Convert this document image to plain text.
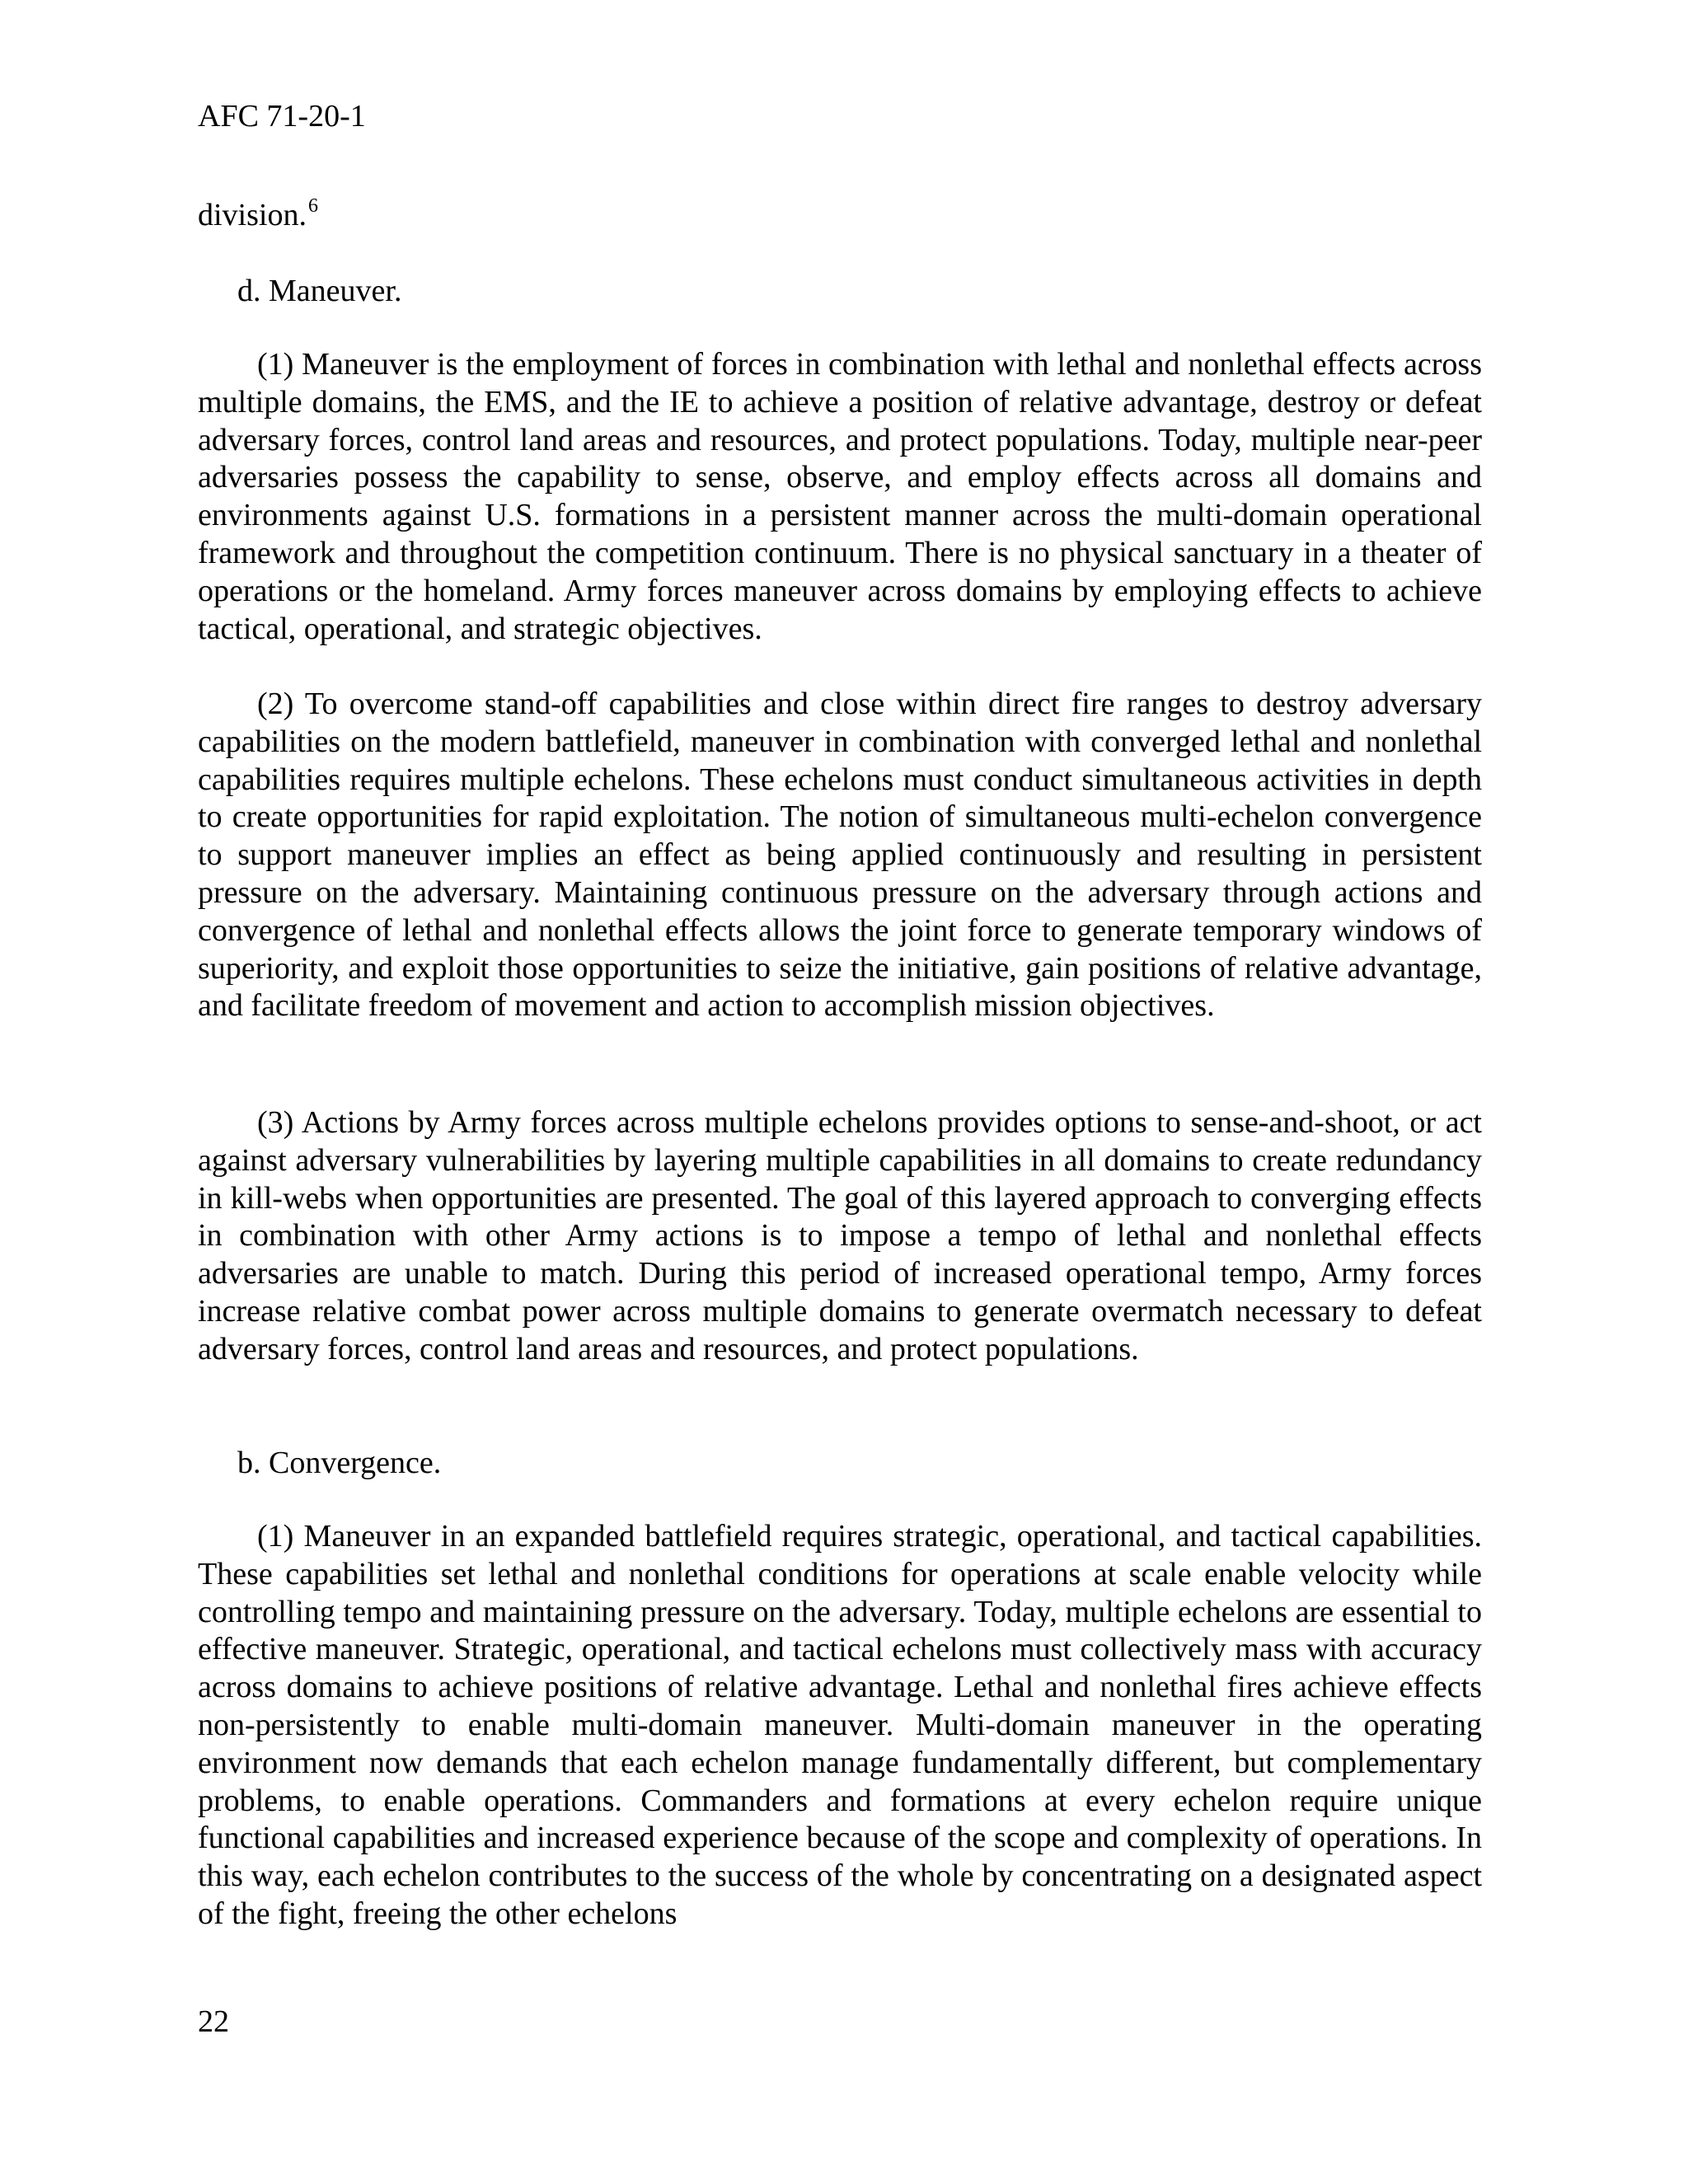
AFC 71-20-1
division.$^6$
d. Maneuver.
(1) Maneuver is the employment of forces in combination with lethal and nonlethal effects across multiple domains, the EMS, and the IE to achieve a position of relative advantage, destroy or defeat adversary forces, control land areas and resources, and protect populations. Today, multiple near-peer adversaries possess the capability to sense, observe, and employ effects across all domains and environments against U.S. formations in a persistent manner across the multi-domain operational framework and throughout the competition continuum. There is no physical sanctuary in a theater of operations or the homeland. Army forces maneuver across domains by employing effects to achieve tactical, operational, and strategic objectives.
(2) To overcome stand-off capabilities and close within direct fire ranges to destroy adversary capabilities on the modern battlefield, maneuver in combination with converged lethal and nonlethal capabilities requires multiple echelons. These echelons must conduct simultaneous activities in depth to create opportunities for rapid exploitation. The notion of simultaneous multi-echelon convergence to support maneuver implies an effect as being applied continuously and resulting in persistent pressure on the adversary. Maintaining continuous pressure on the adversary through actions and convergence of lethal and nonlethal effects allows the joint force to generate temporary windows of superiority, and exploit those opportunities to seize the initiative, gain positions of relative advantage, and facilitate freedom of movement and action to accomplish mission objectives.
(3) Actions by Army forces across multiple echelons provides options to sense-and-shoot, or act against adversary vulnerabilities by layering multiple capabilities in all domains to create redundancy in kill-webs when opportunities are presented. The goal of this layered approach to converging effects in combination with other Army actions is to impose a tempo of lethal and nonlethal effects adversaries are unable to match. During this period of increased operational tempo, Army forces increase relative combat power across multiple domains to generate overmatch necessary to defeat adversary forces, control land areas and resources, and protect populations.
b. Convergence.
(1) Maneuver in an expanded battlefield requires strategic, operational, and tactical capabilities. These capabilities set lethal and nonlethal conditions for operations at scale enable velocity while controlling tempo and maintaining pressure on the adversary. Today, multiple echelons are essential to effective maneuver. Strategic, operational, and tactical echelons must collectively mass with accuracy across domains to achieve positions of relative advantage. Lethal and nonlethal fires achieve effects non-persistently to enable multi-domain maneuver. Multi-domain maneuver in the operating environment now demands that each echelon manage fundamentally different, but complementary problems, to enable operations. Commanders and formations at every echelon require unique functional capabilities and increased experience because of the scope and complexity of operations. In this way, each echelon contributes to the success of the whole by concentrating on a designated aspect of the fight, freeing the other echelons
22
